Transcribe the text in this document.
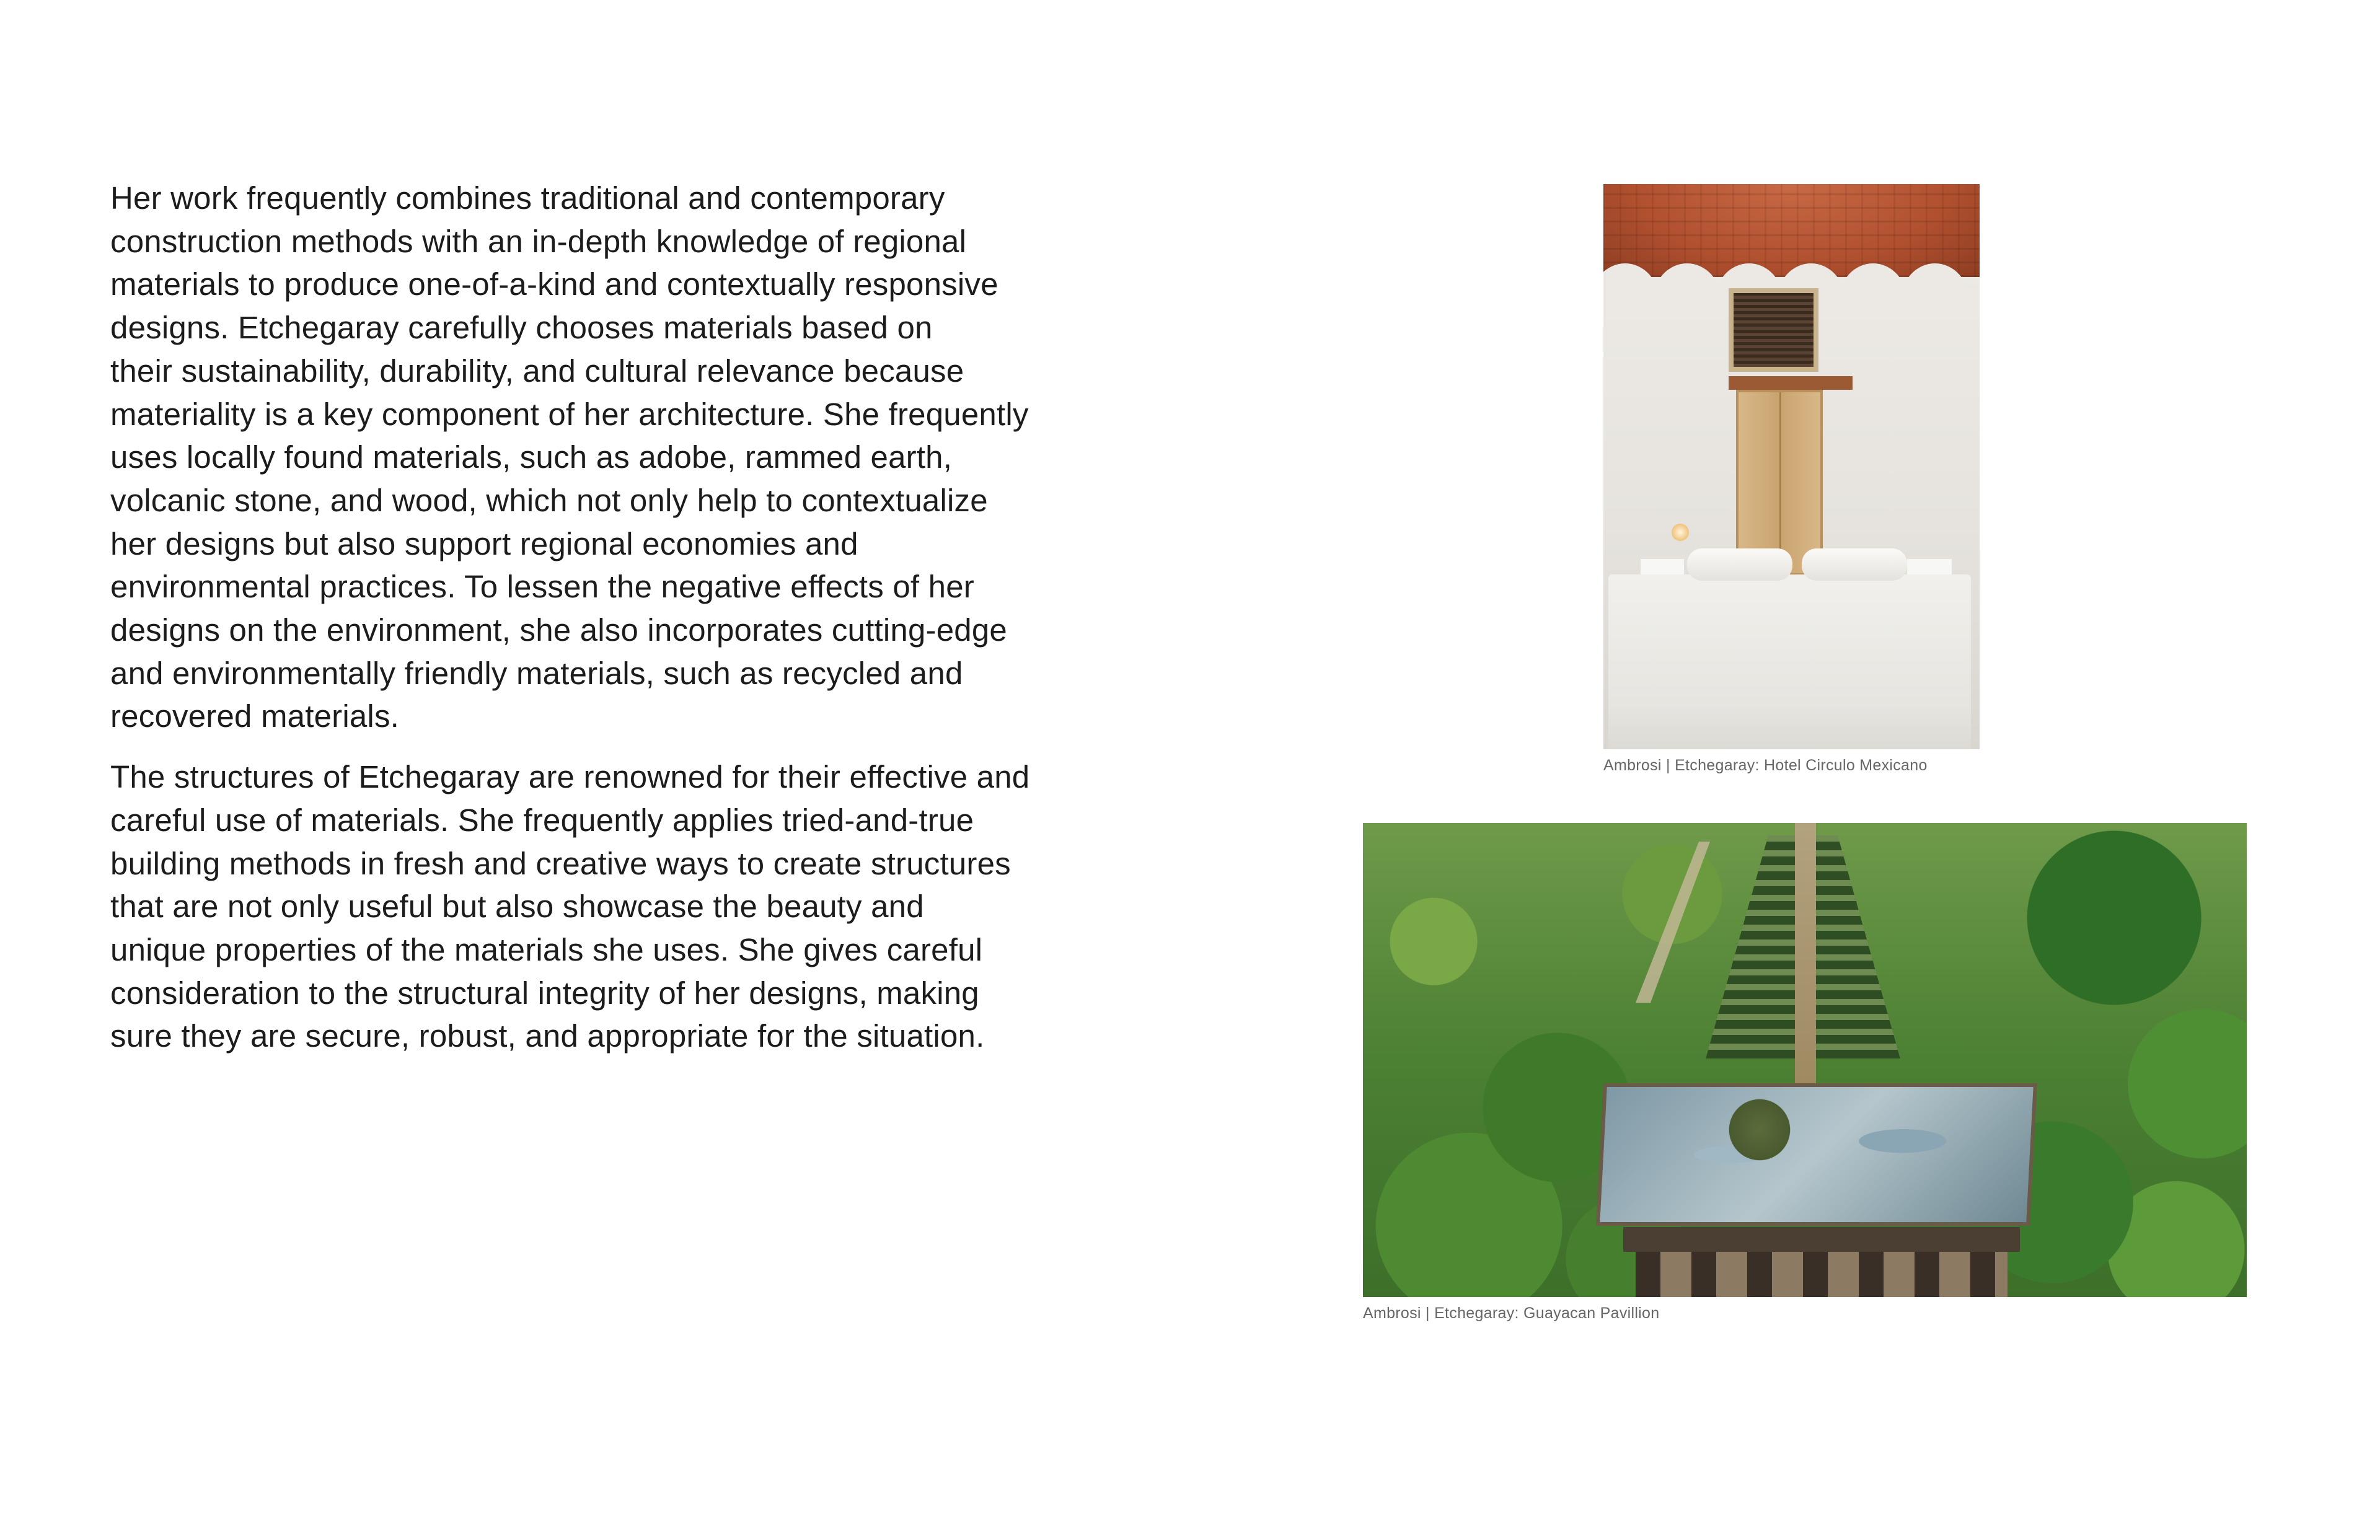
Her work frequently combines traditional and contemporary
construction methods with an in-depth knowledge of regional
materials to produce one-of-a-kind and contextually responsive
designs. Etchegaray carefully chooses materials based on
their sustainability, durability, and cultural relevance because
materiality is a key component of her architecture. She frequently
uses locally found materials, such as adobe, rammed earth,
volcanic stone, and wood, which not only help to contextualize
her designs but also support regional economies and
environmental practices. To lessen the negative effects of her
designs on the environment, she also incorporates cutting-edge
and environmentally friendly materials, such as recycled and
recovered materials.

The structures of Etchegaray are renowned for their effective and
careful use of materials. She frequently applies tried-and-true
building methods in fresh and creative ways to create structures
that are not only useful but also showcase the beauty and
unique properties of the materials she uses. She gives careful
consideration to the structural integrity of her designs, making
sure they are secure, robust, and appropriate for the situation.

Ambrosi | Etchegaray: Hotel Circulo Mexicano
Ambrosi | Etchegaray: Guayacan Pavillion
